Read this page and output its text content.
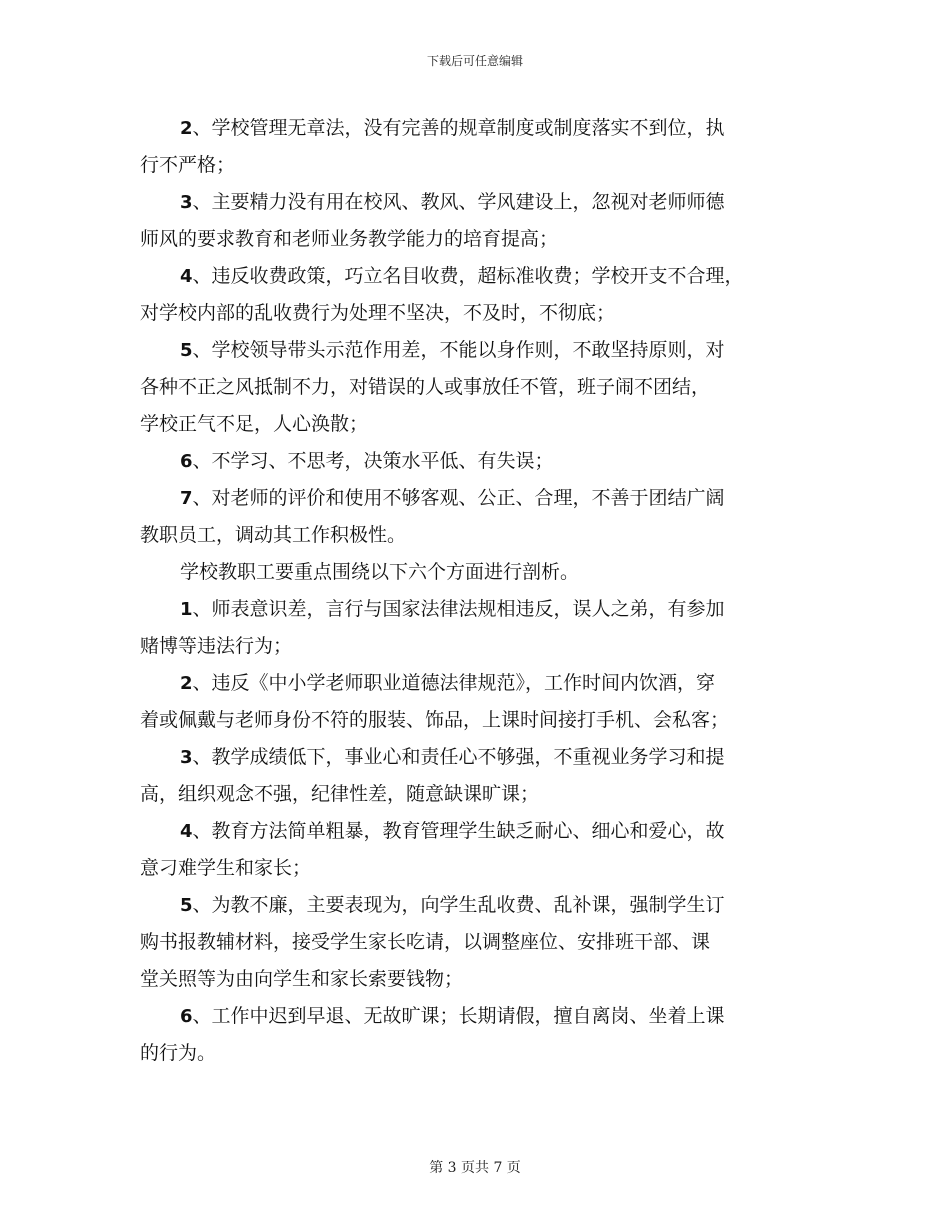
下载后可任意编辑
2、学校管理无章法，没有完善的规章制度或制度落实不到位，执
行不严格；
3、主要精力没有用在校风、教风、学风建设上，忽视对老师师德
师风的要求教育和老师业务教学能力的培育提高；
4、违反收费政策，巧立名目收费，超标准收费；学校开支不合理，
对学校内部的乱收费行为处理不坚决，不及时，不彻底；
5、学校领导带头示范作用差，不能以身作则，不敢坚持原则，对
各种不正之风抵制不力，对错误的人或事放任不管，班子闹不团结，
学校正气不足，人心涣散；
6、不学习、不思考，决策水平低、有失误；
7、对老师的评价和使用不够客观、公正、合理，不善于团结广阔
教职员工，调动其工作积极性。
学校教职工要重点围绕以下六个方面进行剖析。
1、师表意识差，言行与国家法律法规相违反，误人之弟，有参加
赌博等违法行为；
2、违反《中小学老师职业道德法律规范》，工作时间内饮酒，穿
着或佩戴与老师身份不符的服装、饰品，上课时间接打手机、会私客；
3、教学成绩低下，事业心和责任心不够强，不重视业务学习和提
高，组织观念不强，纪律性差，随意缺课旷课；
4、教育方法简单粗暴，教育管理学生缺乏耐心、细心和爱心，故
意刁难学生和家长；
5、为教不廉，主要表现为，向学生乱收费、乱补课，强制学生订
购书报教辅材料，接受学生家长吃请，以调整座位、安排班干部、课
堂关照等为由向学生和家长索要钱物；
6、工作中迟到早退、无故旷课；长期请假，擅自离岗、坐着上课
的行为。
第 3 页共 7 页
